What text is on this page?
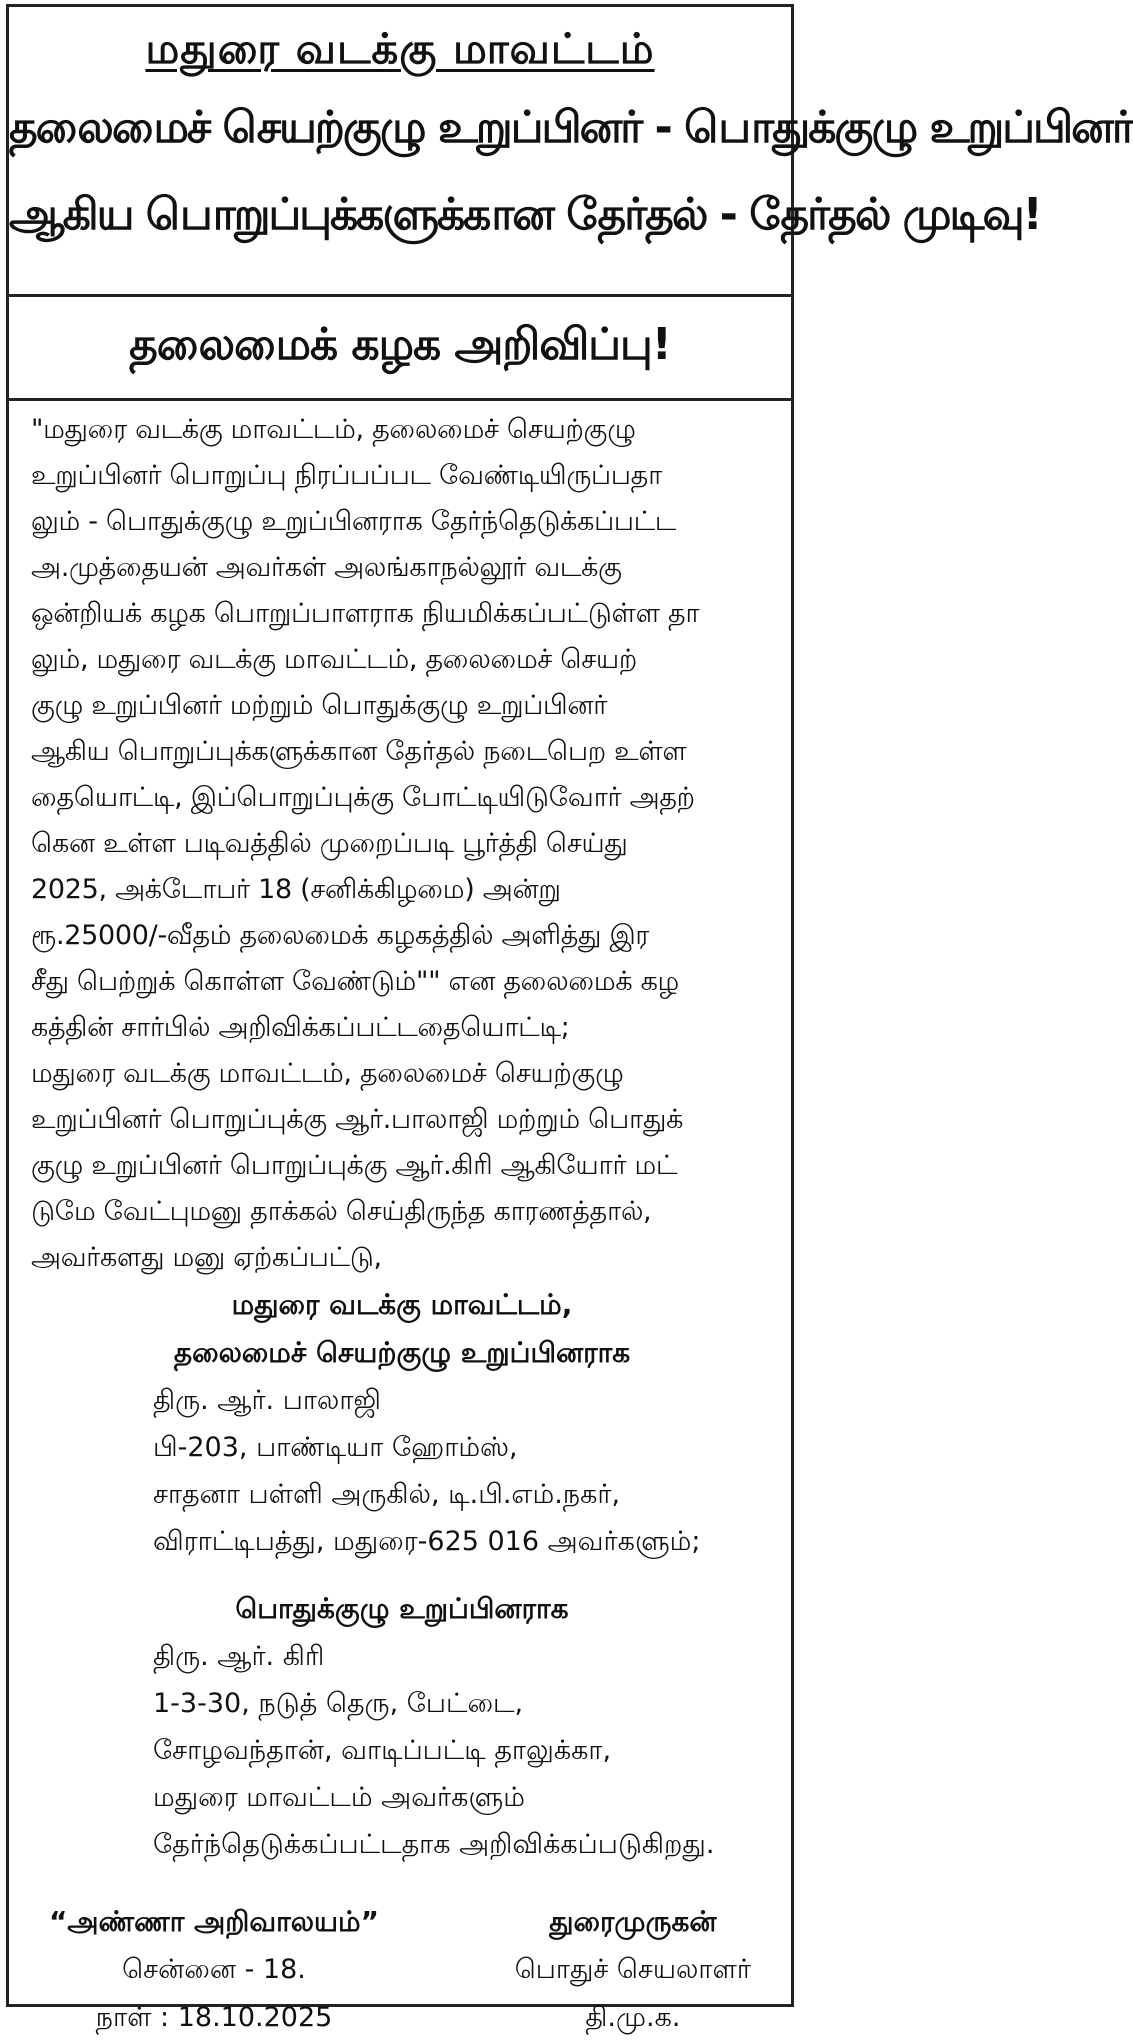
மதுரை வடக்கு மாவட்டம்
தலைமைச் செயற்குழு உறுப்பினர் - பொதுக்குழு உறுப்பினர்
ஆகிய பொறுப்புக்களுக்கான தேர்தல் - தேர்தல் முடிவு!
தலைமைக் கழக அறிவிப்பு!
"மதுரை வடக்கு மாவட்டம், தலைமைச் செயற்குழு
உறுப்பினர் பொறுப்பு நிரப்பப்பட வேண்டியிருப்பதா
லும் - பொதுக்குழு உறுப்பினராக தேர்ந்தெடுக்கப்பட்ட
அ.முத்தையன் அவர்கள் அலங்காநல்லூர் வடக்கு
ஒன்றியக் கழக பொறுப்பாளராக நியமிக்கப்பட்டுள்ள தா
லும், மதுரை வடக்கு மாவட்டம், தலைமைச் செயற்
குழு உறுப்பினர் மற்றும் பொதுக்குழு உறுப்பினர்
ஆகிய பொறுப்புக்களுக்கான தேர்தல் நடைபெற உள்ள
தையொட்டி, இப்பொறுப்புக்கு போட்டியிடுவோர் அதற்
கென உள்ள படிவத்தில் முறைப்படி பூர்த்தி செய்து
2025, அக்டோபர் 18 (சனிக்கிழமை) அன்று
ரூ.25000/-வீதம் தலைமைக் கழகத்தில் அளித்து இர
சீது பெற்றுக் கொள்ள வேண்டும்"" என தலைமைக் கழ
கத்தின் சார்பில் அறிவிக்கப்பட்டதையொட்டி;
மதுரை வடக்கு மாவட்டம், தலைமைச் செயற்குழு
உறுப்பினர் பொறுப்புக்கு ஆர்.பாலாஜி மற்றும் பொதுக்
குழு உறுப்பினர் பொறுப்புக்கு ஆர்.கிரி ஆகியோர் மட்
டுமே வேட்புமனு தாக்கல் செய்திருந்த காரணத்தால்,
அவர்களது மனு ஏற்கப்பட்டு,
மதுரை வடக்கு மாவட்டம்,
தலைமைச் செயற்குழு உறுப்பினராக
திரு. ஆர். பாலாஜி
பி-203, பாண்டியா ஹோம்ஸ்,
சாதனா பள்ளி அருகில், டி.பி.எம்.நகர்,
விராட்டிபத்து, மதுரை-625 016 அவர்களும்;
பொதுக்குழு உறுப்பினராக
திரு. ஆர். கிரி
1-3-30, நடுத் தெரு, பேட்டை,
சோழவந்தான், வாடிப்பட்டி தாலுக்கா,
மதுரை மாவட்டம் அவர்களும்
தேர்ந்தெடுக்கப்பட்டதாக அறிவிக்கப்படுகிறது.
“அண்ணா அறிவாலயம்”
சென்னை - 18.
நாள் : 18.10.2025
துரைமுருகன்
பொதுச் செயலாளர்
தி.மு.க.
